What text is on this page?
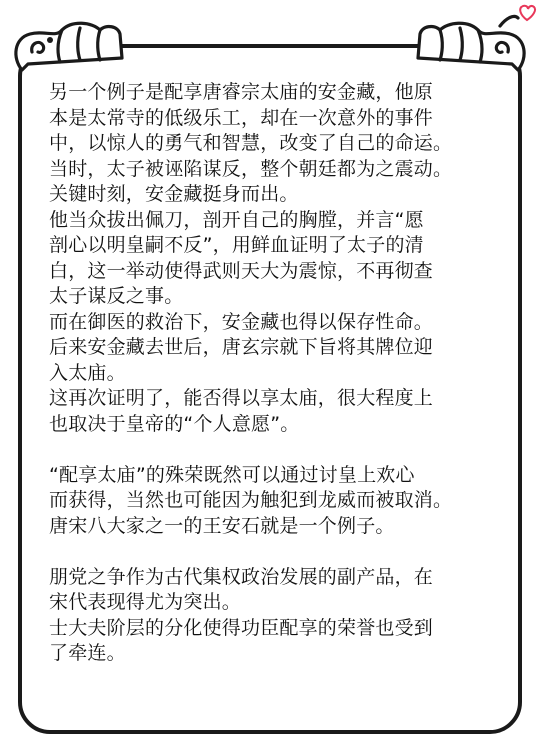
另一个例子是配享唐睿宗太庙的安金藏，他原
本是太常寺的低级乐工，却在一次意外的事件
中，以惊人的勇气和智慧，改变了自己的命运。
当时，太子被诬陷谋反，整个朝廷都为之震动。
关键时刻，安金藏挺身而出。
他当众拔出佩刀，剖开自己的胸膛，并言“愿
剖心以明皇嗣不反”，用鲜血证明了太子的清
白，这一举动使得武则天大为震惊，不再彻查
太子谋反之事。
而在御医的救治下，安金藏也得以保存性命。
后来安金藏去世后，唐玄宗就下旨将其牌位迎
入太庙。
这再次证明了，能否得以享太庙，很大程度上
也取决于皇帝的“个人意愿”。

“配享太庙”的殊荣既然可以通过讨皇上欢心
而获得，当然也可能因为触犯到龙威而被取消。
唐宋八大家之一的王安石就是一个例子。

朋党之争作为古代集权政治发展的副产品，在
宋代表现得尤为突出。
士大夫阶层的分化使得功臣配享的荣誉也受到
了牵连。
